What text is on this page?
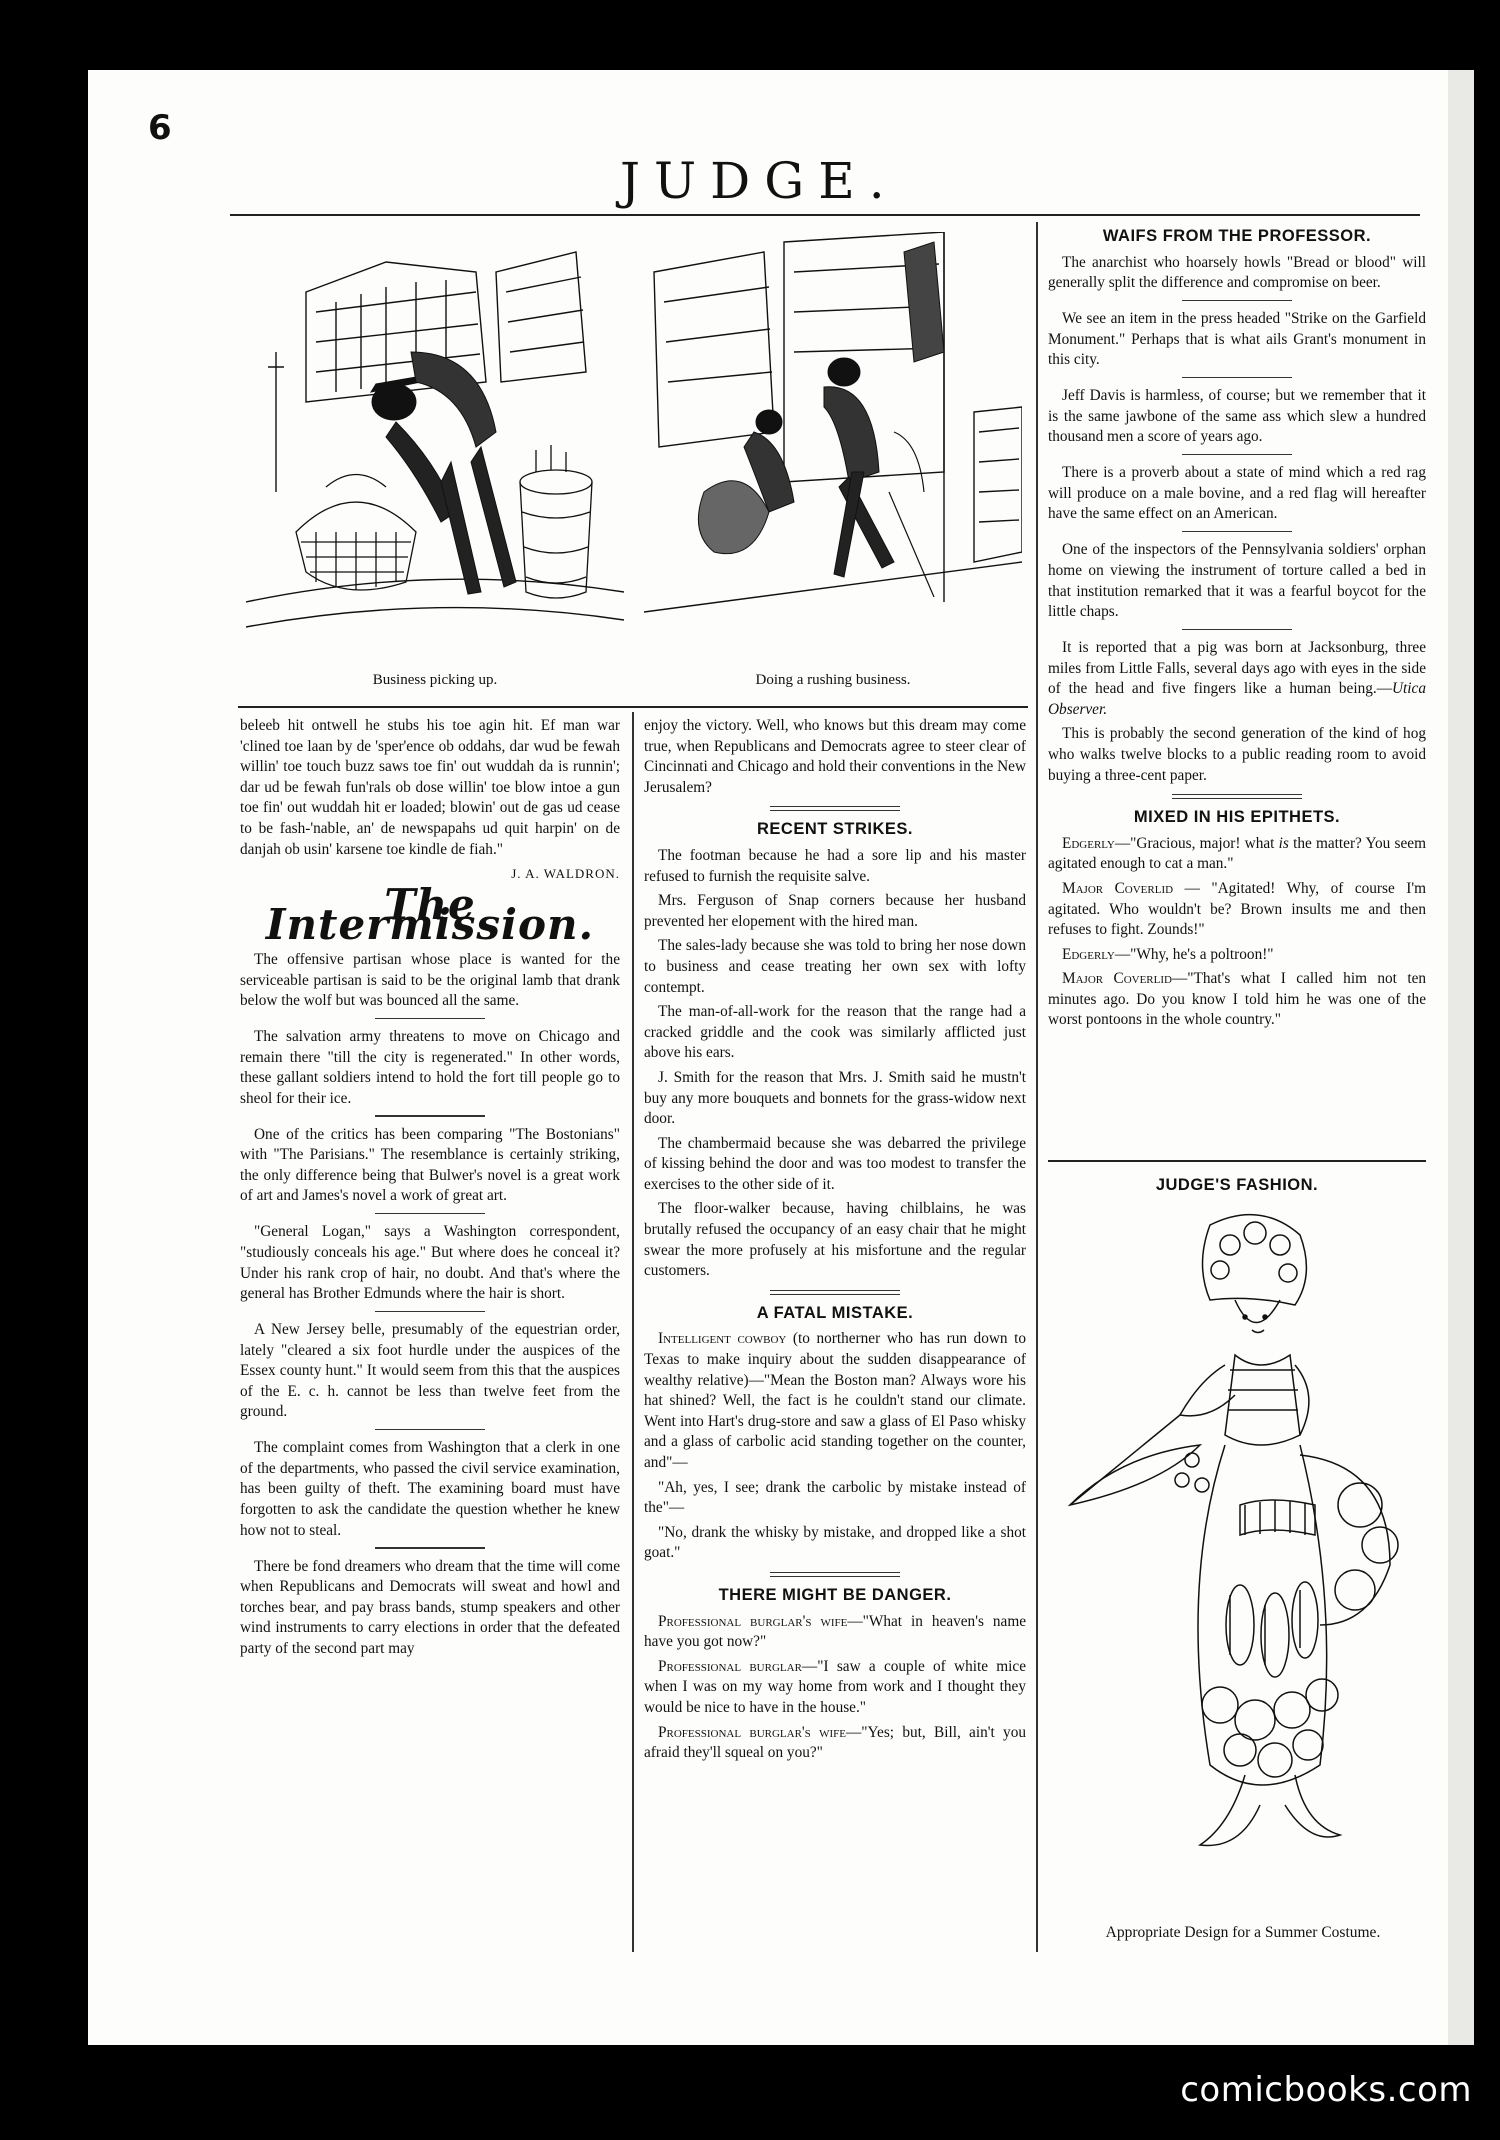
6
JUDGE.
Business picking up.	Doing a rushing business.

beleeb hit ontwell he stubs his toe agin hit. Ef man war 'clined toe laan by de 'sper'ence ob oddahs, dar wud be fewah willin' toe touch buzz saws toe fin' out wuddah da is runnin'; dar ud be fewah fun'rals ob dose willin' toe blow intoe a gun toe fin' out wuddah hit er loaded; blowin' out de gas ud cease to be fash-'nable, an' de newspapahs ud quit harpin' on de danjah ob usin' karsene toe kindle de fiah."

J. A. WALDRON.

The Intermission.

The offensive partisan whose place is wanted for the serviceable partisan is said to be the original lamb that drank below the wolf but was bounced all the same.

The salvation army threatens to move on Chicago and remain there "till the city is regenerated." In other words, these gallant soldiers intend to hold the fort till people go to sheol for their ice.

One of the critics has been comparing "The Bostonians" with "The Parisians." The resemblance is certainly striking, the only difference being that Bulwer's novel is a great work of art and James's novel a work of great art.

"General Logan," says a Washington correspondent, "studiously conceals his age." But where does he conceal it? Under his rank crop of hair, no doubt. And that's where the general has Brother Edmunds where the hair is short.

A New Jersey belle, presumably of the equestrian order, lately "cleared a six foot hurdle under the auspices of the Essex county hunt." It would seem from this that the auspices of the E. c. h. cannot be less than twelve feet from the ground.

The complaint comes from Washington that a clerk in one of the departments, who passed the civil service examination, has been guilty of theft. The examining board must have forgotten to ask the candidate the question whether he knew how not to steal.

There be fond dreamers who dream that the time will come when Republicans and Democrats will sweat and howl and torches bear, and pay brass bands, stump speakers and other wind instruments to carry elections in order that the defeated party of the second part may

enjoy the victory. Well, who knows but this dream may come true, when Republicans and Democrats agree to steer clear of Cincinnati and Chicago and hold their conventions in the New Jerusalem?

RECENT STRIKES.

The footman because he had a sore lip and his master refused to furnish the requisite salve.

Mrs. Ferguson of Snap corners because her husband prevented her elopement with the hired man.

The sales-lady because she was told to bring her nose down to business and cease treating her own sex with lofty contempt.

The man-of-all-work for the reason that the range had a cracked griddle and the cook was similarly afflicted just above his ears.

J. Smith for the reason that Mrs. J. Smith said he mustn't buy any more bouquets and bonnets for the grass-widow next door.

The chambermaid because she was debarred the privilege of kissing behind the door and was too modest to transfer the exercises to the other side of it.

The floor-walker because, having chilblains, he was brutally refused the occupancy of an easy chair that he might swear the more profusely at his misfortune and the regular customers.

A FATAL MISTAKE.

Intelligent cowboy (to northerner who has run down to Texas to make inquiry about the sudden disappearance of wealthy relative)—"Mean the Boston man? Always wore his hat shined? Well, the fact is he couldn't stand our climate. Went into Hart's drug-store and saw a glass of El Paso whisky and a glass of carbolic acid standing together on the counter, and"—

"Ah, yes, I see; drank the carbolic by mistake instead of the"—

"No, drank the whisky by mistake, and dropped like a shot goat."

THERE MIGHT BE DANGER.

Professional burglar's wife—"What in heaven's name have you got now?"

Professional burglar—"I saw a couple of white mice when I was on my way home from work and I thought they would be nice to have in the house."

Professional burglar's wife—"Yes; but, Bill, ain't you afraid they'll squeal on you?"

WAIFS FROM THE PROFESSOR.

The anarchist who hoarsely howls "Bread or blood" will generally split the difference and compromise on beer.

We see an item in the press headed "Strike on the Garfield Monument." Perhaps that is what ails Grant's monument in this city.

Jeff Davis is harmless, of course; but we remember that it is the same jawbone of the same ass which slew a hundred thousand men a score of years ago.

There is a proverb about a state of mind which a red rag will produce on a male bovine, and a red flag will hereafter have the same effect on an American.

One of the inspectors of the Pennsylvania soldiers' orphan home on viewing the instrument of torture called a bed in that institution remarked that it was a fearful boycot for the little chaps.

It is reported that a pig was born at Jacksonburg, three miles from Little Falls, several days ago with eyes in the side of the head and five fingers like a human being.—Utica Observer.

This is probably the second generation of the kind of hog who walks twelve blocks to a public reading room to avoid buying a three-cent paper.

MIXED IN HIS EPITHETS.

Edgerly—"Gracious, major! what is the matter? You seem agitated enough to cat a man."

Major Coverlid — "Agitated! Why, of course I'm agitated. Who wouldn't be? Brown insults me and then refuses to fight. Zounds!"

Edgerly—"Why, he's a poltroon!"

Major Coverlid—"That's what I called him not ten minutes ago. Do you know I told him he was one of the worst pontoons in the whole country."

JUDGE'S FASHION.
Appropriate Design for a Summer Costume.
comicbooks.com
